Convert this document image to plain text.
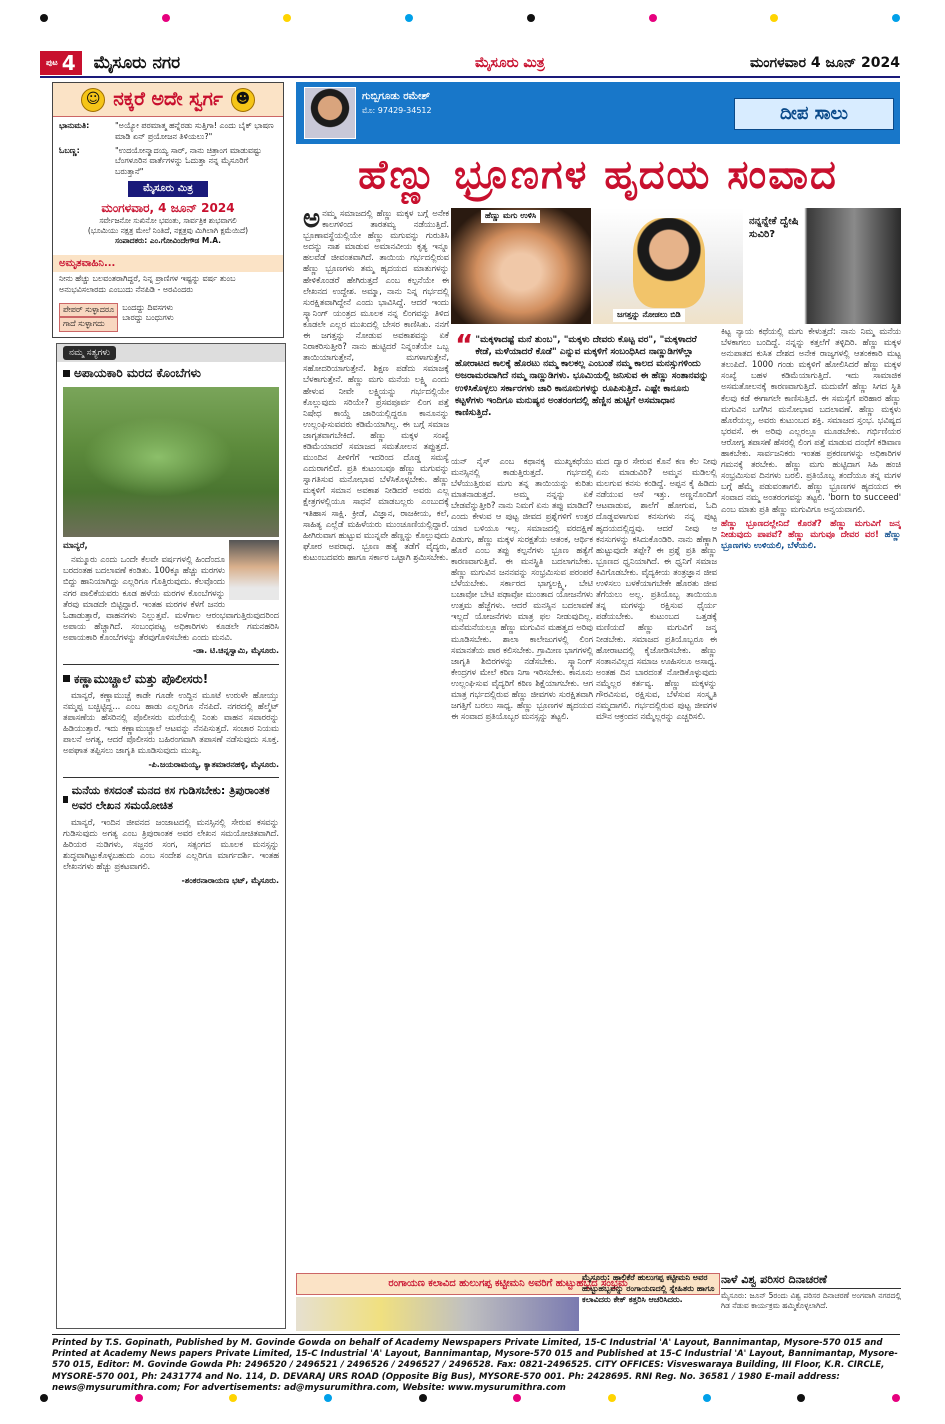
ಪುಟ 4 ಮೈಸೂರು ನಗರ	ಮೈಸೂರು ಮಿತ್ರ	ಮಂಗಳವಾರ 4 ಜೂನ್ 2024
☺ ನಕ್ಕರೆ ಅದೇ ಸ್ವರ್ಗ ☻
ಭಾನುಮತಿ:	"ಅಯ್ಯೋ ಪರಮಾತ್ಮ ಹನ್ನೆರಡು ಸುತ್ತಿಗಾ! ಎಂದು ಬೈಕ್ ಭಾಷಣ ಮಾಡಿ ಏನ್ ಪ್ರಯೋಜನ ತಿಳಿಯಲು?"
ಓಬಣ್ಣ:	"ಉದಯೋನ್ಮಾದಯ್ಯ ಸಾರ್, ನಾನು ಚಿತ್ರಾಂಗ ಮಾಡುವಷ್ಟು ಬೆಂಗಳೂರಿನ ವಾರ್ತೆಗಳನ್ನು ಓದುತ್ತಾ ನನ್ನ ಮೈಸೂರಿಗೆ ಬರುತ್ತಾನೆ"
ಮೈಸೂರು ಮಿತ್ರ
ಮಂಗಳವಾರ, 4 ಜೂನ್ 2024
ಸರ್ವೇಜನೋ ಸುಖಿನೋ ಭವಂತು, ಸಾರ್ವತ್ರಿಕ ಶುಭವಾಗಲಿ
(ಭೂಮಿಯು ನಕ್ಷತ್ರ ಮೇಲೆ ನಿಂತಿದೆ, ನಕ್ಷತ್ರವು ಮಿಗಿಲಾಗಿ ಕ್ಷಮೆಯಿದೆ)
ಸಂಪಾದಕರು: ಎಂ.ಗೋವಿಂದೇಗೌಡ M.A.
ಅಮೃತವಾಹಿನಿ...
ನೀನು ಹೆಚ್ಚು ಬಲವಂತರಾಗಿದ್ದರೆ, ನಿನ್ನ ಪ್ರಾಣಿಗಳ ಇಷ್ಟನ್ನು ವರ್ಷ ತುಂಬ ಅನುಭವಿಸಲಾರದು ಎಂಬುದು ನೆನಪಿಡಿ - ಅರವಿಂದರು
ಪೇಪರ್ ಸುಳ್ಳಾದರೂ
ಗಾದೆ ಸುಳ್ಳಾಗದು
ಬಂದದ್ದು ದಿವಸಗಳು
ಬಾರದ್ದು ಬಂಧುಗಳು
ನಮ್ಮ ಸತ್ಯಗಳು
ಅಪಾಯಕಾರಿ ಮರದ ಕೊಂಬೆಗಳು

ಮಾನ್ಯರೆ,

ನಮ್ಮೂರು ಎಂದು ಒಂದೇ ಕೆಲವೇ ವರ್ಷಗಳಲ್ಲಿ ಹಿಂದೆಂದೂ ಬರದಂತಹ ಬದಲಾವಣೆ ಕಂಡಿತು. 100ಕ್ಕೂ ಹೆಚ್ಚು ಮರಗಳು ಬಿದ್ದು ಹಾನಿಯಾಗಿದ್ದು ಎಲ್ಲರಿಗೂ ಗೊತ್ತಿರುವುದು. ಕೆಲವೊಂದು ನಗರ ಪಾಲಿಕೆಯವರು ಕೂಡ ಹಳೆಯ ಮರಗಳ ಕೊಂಬೆಗಳನ್ನು ತೆರವು ಮಾಡದೇ ಬಿಟ್ಟಿದ್ದಾರೆ. ಇಂತಹ ಮರಗಳ ಕೆಳಗೆ ಜನರು ಓಡಾಡುತ್ತಾರೆ, ವಾಹನಗಳು ನಿಲ್ಲುತ್ತವೆ. ಮಳೆಗಾಲ ಆರಂಭವಾಗುತ್ತಿರುವುದರಿಂದ ಅಪಾಯ ಹೆಚ್ಚಾಗಿದೆ. ಸಂಬಂಧಪಟ್ಟ ಅಧಿಕಾರಿಗಳು ಕೂಡಲೇ ಗಮನಹರಿಸಿ ಅಪಾಯಕಾರಿ ಕೊಂಬೆಗಳನ್ನು ತೆರವುಗೊಳಿಸಬೇಕು ಎಂದು ಮನವಿ.

-ಡಾ. ಟಿ.ಚಿನ್ನಸ್ವಾಮಿ, ಮೈಸೂರು.
ಕಣ್ಣಾಮುಚ್ಚಾಲೆ ಮತ್ತು ಪೊಲೀಸರು!

ಮಾನ್ಯರೆ, ಕಣ್ಣಾಮುಚ್ಚೆ ಕಾಡೇ ಗೂಡೇ ಉದ್ದಿನ ಮೂಟೆ ಉರುಳೇ ಹೋಯ್ತು ನಮ್ಮಪ್ಪ ಬಚ್ಚಿಟ್ಟಿದ್ದ... ಎಂಬ ಹಾಡು ಎಲ್ಲರಿಗೂ ನೆನಪಿದೆ. ನಗರದಲ್ಲಿ ಹೆಲ್ಮೆಟ್ ತಪಾಸಣೆಯ ಹೆಸರಿನಲ್ಲಿ ಪೊಲೀಸರು ಮರೆಯಲ್ಲಿ ನಿಂತು ವಾಹನ ಸವಾರರನ್ನು ಹಿಡಿಯುತ್ತಾರೆ. ಇದು ಕಣ್ಣಾಮುಚ್ಚಾಲೆ ಆಟವನ್ನು ನೆನಪಿಸುತ್ತದೆ. ಸಂಚಾರ ನಿಯಮ ಪಾಲನೆ ಅಗತ್ಯ, ಆದರೆ ಪೊಲೀಸರು ಬಹಿರಂಗವಾಗಿ ತಪಾಸಣೆ ನಡೆಸುವುದು ಸೂಕ್ತ. ಅಪಘಾತ ತಪ್ಪಿಸಲು ಜಾಗೃತಿ ಮೂಡಿಸುವುದು ಮುಖ್ಯ.

-ಪಿ.ಜಯರಾಮಯ್ಯ, ಕ್ಯಾತಮಾರನಹಳ್ಳಿ, ಮೈಸೂರು.
ಮನೆಯ ಕಸದಂತೆ ಮನದ ಕಸ ಗುಡಿಸಬೇಕು: ತ್ರಿಪುರಾಂತಕ ಅವರ ಲೇಖನ ಸಮಯೋಚಿತ

ಮಾನ್ಯರೆ, ಇಂದಿನ ಜೀವನದ ಜಂಜಾಟದಲ್ಲಿ ಮನಸ್ಸಿನಲ್ಲಿ ಸೇರುವ ಕಸವನ್ನು ಗುಡಿಸುವುದು ಅಗತ್ಯ ಎಂಬ ತ್ರಿಪುರಾಂತಕ ಅವರ ಲೇಖನ ಸಮಯೋಚಿತವಾಗಿದೆ. ಹಿರಿಯರ ನುಡಿಗಳು, ಸಜ್ಜನರ ಸಂಗ, ಸತ್ಸಂಗದ ಮೂಲಕ ಮನಸ್ಸನ್ನು ಶುದ್ಧವಾಗಿಟ್ಟುಕೊಳ್ಳಬಹುದು ಎಂಬ ಸಂದೇಶ ಎಲ್ಲರಿಗೂ ಮಾರ್ಗದರ್ಶಿ. ಇಂತಹ ಲೇಖನಗಳು ಹೆಚ್ಚು ಪ್ರಕಟವಾಗಲಿ.

-ಶಂಕರನಾರಾಯಣ ಭಟ್, ಮೈಸೂರು.
ಗುಬ್ಬಿಗೂಡು ರಮೇಶ್
ಮೊ: 97429-34512	ದೀಪ ಸಾಲು
ಹೆಣ್ಣು ಭ್ರೂಣಗಳ ಹೃದಯ ಸಂವಾದ
ಅ ನಮ್ಮ ಸಮಾಜದಲ್ಲಿ ಹೆಣ್ಣು ಮಕ್ಕಳ ಬಗ್ಗೆ ಅನೇಕ ಕಾಲಗಳಿಂದ ತಾರತಮ್ಯ ನಡೆಯುತ್ತಿದೆ. ಭ್ರೂಣಾವಸ್ಥೆಯಲ್ಲಿಯೇ ಹೆಣ್ಣು ಮಗುವನ್ನು ಗುರುತಿಸಿ ಅದನ್ನು ನಾಶ ಮಾಡುವ ಅಮಾನವೀಯ ಕೃತ್ಯ ಇನ್ನೂ ಹಲವೆಡೆ ಜೀವಂತವಾಗಿದೆ. ತಾಯಿಯ ಗರ್ಭದಲ್ಲಿರುವ ಹೆಣ್ಣು ಭ್ರೂಣಗಳು ತಮ್ಮ ಹೃದಯದ ಮಾತುಗಳನ್ನು ಹೇಳಿಕೊಂಡರೆ ಹೇಗಿರುತ್ತದೆ ಎಂಬ ಕಲ್ಪನೆಯೇ ಈ ಲೇಖನದ ಉದ್ದೇಶ. ಅಮ್ಮಾ, ನಾನು ನಿನ್ನ ಗರ್ಭದಲ್ಲಿ ಸುರಕ್ಷಿತವಾಗಿದ್ದೇನೆ ಎಂದು ಭಾವಿಸಿದ್ದೆ. ಆದರೆ ಇಂದು ಸ್ಕ್ಯಾನಿಂಗ್ ಯಂತ್ರದ ಮೂಲಕ ನನ್ನ ಲಿಂಗವನ್ನು ತಿಳಿದ ಕೂಡಲೇ ಎಲ್ಲರ ಮುಖದಲ್ಲಿ ಬೇಸರ ಕಾಣಿಸಿತು. ನನಗೆ ಈ ಜಗತ್ತನ್ನು ನೋಡುವ ಅವಕಾಶವನ್ನು ಏಕೆ ನಿರಾಕರಿಸುತ್ತೀರಿ? ನಾನು ಹುಟ್ಟಿದರೆ ನಿನ್ನಂತೆಯೇ ಒಬ್ಬ ತಾಯಿಯಾಗುತ್ತೇನೆ, ಮಗಳಾಗುತ್ತೇನೆ, ಸಹೋದರಿಯಾಗುತ್ತೇನೆ. ಶಿಕ್ಷಣ ಪಡೆದು ಸಮಾಜಕ್ಕೆ ಬೆಳಕಾಗುತ್ತೇನೆ. ಹೆಣ್ಣು ಮಗು ಮನೆಯ ಲಕ್ಷ್ಮಿ ಎಂದು ಹೇಳುವ ನೀವೇ ಲಕ್ಷ್ಮಿಯನ್ನು ಗರ್ಭದಲ್ಲಿಯೇ ಕೊಲ್ಲುವುದು ಸರಿಯೇ? ಪ್ರಸವಪೂರ್ವ ಲಿಂಗ ಪತ್ತೆ ನಿಷೇಧ ಕಾಯ್ದೆ ಜಾರಿಯಲ್ಲಿದ್ದರೂ ಕಾನೂನನ್ನು ಉಲ್ಲಂಘಿಸುವವರು ಕಡಿಮೆಯಾಗಿಲ್ಲ. ಈ ಬಗ್ಗೆ ಸಮಾಜ ಜಾಗೃತವಾಗಬೇಕಿದೆ. ಹೆಣ್ಣು ಮಕ್ಕಳ ಸಂಖ್ಯೆ ಕಡಿಮೆಯಾದರೆ ಸಮಾಜದ ಸಮತೋಲನ ತಪ್ಪುತ್ತದೆ. ಮುಂದಿನ ಪೀಳಿಗೆಗೆ ಇದರಿಂದ ದೊಡ್ಡ ಸಮಸ್ಯೆ ಎದುರಾಗಲಿದೆ. ಪ್ರತಿ ಕುಟುಂಬವೂ ಹೆಣ್ಣು ಮಗುವನ್ನು ಸ್ವಾಗತಿಸುವ ಮನೋಭಾವ ಬೆಳೆಸಿಕೊಳ್ಳಬೇಕು. ಹೆಣ್ಣು ಮಕ್ಕಳಿಗೆ ಸಮಾನ ಅವಕಾಶ ನೀಡಿದರೆ ಅವರು ಎಲ್ಲ ಕ್ಷೇತ್ರಗಳಲ್ಲಿಯೂ ಸಾಧನೆ ಮಾಡಬಲ್ಲರು ಎಂಬುದಕ್ಕೆ ಇತಿಹಾಸ ಸಾಕ್ಷಿ. ಕ್ರೀಡೆ, ವಿಜ್ಞಾನ, ರಾಜಕೀಯ, ಕಲೆ, ಸಾಹಿತ್ಯ ಎಲ್ಲೆಡೆ ಮಹಿಳೆಯರು ಮುಂಚೂಣಿಯಲ್ಲಿದ್ದಾರೆ. ಹೀಗಿರುವಾಗ ಹುಟ್ಟುವ ಮುನ್ನವೇ ಹೆಣ್ಣನ್ನು ಕೊಲ್ಲುವುದು ಘೋರ ಅಪರಾಧ. ಭ್ರೂಣ ಹತ್ಯೆ ತಡೆಗೆ ವೈದ್ಯರು, ಕುಟುಂಬದವರು ಹಾಗೂ ಸರ್ಕಾರ ಒಟ್ಟಾಗಿ ಶ್ರಮಿಸಬೇಕು.
ಹೆಣ್ಣು ಮಗು ಉಳಿಸಿ
ಜಗತ್ತನ್ನು ನೋಡಲು ಬಿಡಿ
ನನ್ನನ್ನೇಕೆ ದ್ವೇಷಿ ಸುವಿರಿ?
“ "ಮಕ್ಕಳಾದಷ್ಟೆ ಮನೆ ತುಂಬ", "ಮಕ್ಕಳು ದೇವರು ಕೊಟ್ಟ ವರ", "ಮಕ್ಕಳಾದರೆ ಕೇಡೆ, ಮಳೆಯಾದರೆ ಕೊಡೆ" ಎನ್ನುವ ಮಕ್ಕಳಿಗೆ ಸಂಬಂಧಿಸಿದ ನಾಣ್ಣುಡಿಗಳೆಲ್ಲಾ ಹೋರಾಟದ ಕಾಲಕ್ಕೆ ಹೊರಟು ನಮ್ಮ ಕಾಲಕಲ್ಲ ಎಂಬಂತೆ ನಮ್ಮ ಕಾಲದ ಮನಸ್ಸುಗಳಿಂದು ಅಜರಾಮರವಾಗಿದೆ ನಮ್ಮ ನಾಣ್ಣುಡಿಗಳು. ಭೂಮಿಯಲ್ಲಿ ಜನಿಸುವ ಈ ಹೆಣ್ಣು ಸಂತಾನವನ್ನು ಉಳಿಸಿಕೊಳ್ಳಲು ಸರ್ಕಾರಗಳು ಜಾರಿ ಕಾನೂನುಗಳನ್ನು ರೂಪಿಸುತ್ತಿದೆ. ಎಷ್ಟೇ ಕಾನೂನು ಕಟ್ಟಳೆಗಳು ಇಂದಿಗೂ ಮನುಷ್ಯನ ಅಂತರಂಗದಲ್ಲಿ ಹೆಣ್ಣಿನ ಹುಟ್ಟಿಗೆ ಅಸಮಾಧಾನ ಕಾಣಿಸುತ್ತಿದೆ.
ಯನ್ ನೈಸ್ ಎಂಬ ಕಥಾನಕ್ಕ ಮುಖ್ಯಕಥೆಯು ಮನಸ್ಸಿನಲ್ಲಿ ಕಾಡುತ್ತಿರುತ್ತದೆ. ಗರ್ಭದಲ್ಲಿ ಬೆಳೆಯುತ್ತಿರುವ ಮಗು ತನ್ನ ತಾಯಿಯನ್ನು ಕುರಿತು ಮಾತನಾಡುತ್ತದೆ. ಅಮ್ಮ ನನ್ನನ್ನು ಏಕೆ ಬೇಡವೆನ್ನುತ್ತೀರಿ? ನಾನು ನಿಮಗೆ ಏನು ತಪ್ಪು ಮಾಡಿದೆ? ಎಂದು ಕೇಳುವ ಆ ಪುಟ್ಟ ಜೀವದ ಪ್ರಶ್ನೆಗಳಿಗೆ ಉತ್ತರ ಯಾರ ಬಳಿಯೂ ಇಲ್ಲ. ಸಮಾಜದಲ್ಲಿ ವರದಕ್ಷಿಣೆ ಪಿಡುಗು, ಹೆಣ್ಣು ಮಕ್ಕಳ ಸುರಕ್ಷತೆಯ ಆತಂಕ, ಆರ್ಥಿಕ ಹೊರೆ ಎಂಬ ತಪ್ಪು ಕಲ್ಪನೆಗಳು ಭ್ರೂಣ ಹತ್ಯೆಗೆ ಕಾರಣವಾಗುತ್ತಿವೆ. ಈ ಮನಸ್ಥಿತಿ ಬದಲಾಗಬೇಕು. ಹೆಣ್ಣು ಮಗುವಿನ ಜನನವನ್ನು ಸಂಭ್ರಮಿಸುವ ಪರಂಪರೆ ಬೆಳೆಯಬೇಕು. ಸರ್ಕಾರದ ಭಾಗ್ಯಲಕ್ಷ್ಮಿ, ಬೇಟಿ ಬಚಾವೋ ಬೇಟಿ ಪಢಾವೋ ಮುಂತಾದ ಯೋಜನೆಗಳು ಉತ್ತಮ ಹೆಜ್ಜೆಗಳು. ಆದರೆ ಮನಸ್ಸಿನ ಬದಲಾವಣೆ ಇಲ್ಲದೆ ಯೋಜನೆಗಳು ಮಾತ್ರ ಫಲ ನೀಡುವುದಿಲ್ಲ. ಮನೆಮನೆಯಲ್ಲೂ ಹೆಣ್ಣು ಮಗುವಿನ ಮಹತ್ವದ ಅರಿವು ಮೂಡಿಸಬೇಕು. ಶಾಲಾ ಕಾಲೇಜುಗಳಲ್ಲಿ ಲಿಂಗ ಸಮಾನತೆಯ ಪಾಠ ಕಲಿಸಬೇಕು. ಗ್ರಾಮೀಣ ಭಾಗಗಳಲ್ಲಿ ಜಾಗೃತಿ ಶಿಬಿರಗಳನ್ನು ನಡೆಸಬೇಕು. ಸ್ಕ್ಯಾನಿಂಗ್ ಕೇಂದ್ರಗಳ ಮೇಲೆ ಕಠಿಣ ನಿಗಾ ಇರಿಸಬೇಕು. ಕಾನೂನು ಉಲ್ಲಂಘಿಸುವ ವೈದ್ಯರಿಗೆ ಕಠಿಣ ಶಿಕ್ಷೆಯಾಗಬೇಕು. ಆಗ ಮಾತ್ರ ಗರ್ಭದಲ್ಲಿರುವ ಹೆಣ್ಣು ಜೀವಗಳು ಸುರಕ್ಷಿತವಾಗಿ ಜಗತ್ತಿಗೆ ಬರಲು ಸಾಧ್ಯ. ಹೆಣ್ಣು ಭ್ರೂಣಗಳ ಹೃದಯದ ಈ ಸಂವಾದ ಪ್ರತಿಯೊಬ್ಬರ ಮನಸ್ಸನ್ನು ತಟ್ಟಲಿ.
ಮದ ದ್ವಾರ ಸೇರುವ ಕೊನೆ ಕಣ ಕೆಲ ನೀವು ಏನು ಮಾಡುವಿರಿ? ಅಮ್ಮನ ಮಡಿಲಲ್ಲಿ ಮಲಗುವ ಕನಸು ಕಂಡಿದ್ದೆ. ಅಪ್ಪನ ಕೈ ಹಿಡಿದು ನಡೆಯುವ ಆಸೆ ಇತ್ತು. ಅಣ್ಣನೊಂದಿಗೆ ಆಟವಾಡುವ, ಶಾಲೆಗೆ ಹೋಗುವ, ಓದಿ ದೊಡ್ಡವಳಾಗುವ ಕನಸುಗಳು ನನ್ನ ಪುಟ್ಟ ಹೃದಯದಲ್ಲಿದ್ದವು. ಆದರೆ ನೀವು ಆ ಕನಸುಗಳನ್ನು ಕಸಿದುಕೊಂಡಿರಿ. ನಾನು ಹೆಣ್ಣಾಗಿ ಹುಟ್ಟುವುದೇ ತಪ್ಪೇ? ಈ ಪ್ರಶ್ನೆ ಪ್ರತಿ ಹೆಣ್ಣು ಭ್ರೂಣದ ಧ್ವನಿಯಾಗಿದೆ. ಈ ಧ್ವನಿಗೆ ಸಮಾಜ ಕಿವಿಗೊಡಬೇಕು. ವೈದ್ಯಕೀಯ ತಂತ್ರಜ್ಞಾನ ಜೀವ ಉಳಿಸಲು ಬಳಕೆಯಾಗಬೇಕೇ ಹೊರತು ಜೀವ ತೆಗೆಯಲು ಅಲ್ಲ. ಪ್ರತಿಯೊಬ್ಬ ತಾಯಿಯೂ ತನ್ನ ಮಗಳನ್ನು ರಕ್ಷಿಸುವ ಧೈರ್ಯ ಪಡೆಯಬೇಕು. ಕುಟುಂಬದ ಒತ್ತಡಕ್ಕೆ ಮಣಿಯದೆ ಹೆಣ್ಣು ಮಗುವಿಗೆ ಜನ್ಮ ನೀಡಬೇಕು. ಸಮಾಜದ ಪ್ರತಿಯೊಬ್ಬರೂ ಈ ಹೋರಾಟದಲ್ಲಿ ಕೈಜೋಡಿಸಬೇಕು. ಹೆಣ್ಣು ಸಂತಾನವಿಲ್ಲದ ಸಮಾಜ ಊಹಿಸಲೂ ಅಸಾಧ್ಯ. ಅಂತಹ ದಿನ ಬಾರದಂತೆ ನೋಡಿಕೊಳ್ಳುವುದು ನಮ್ಮೆಲ್ಲರ ಕರ್ತವ್ಯ. ಹೆಣ್ಣು ಮಕ್ಕಳನ್ನು ಗೌರವಿಸುವ, ರಕ್ಷಿಸುವ, ಬೆಳೆಸುವ ಸಂಸ್ಕೃತಿ ನಮ್ಮದಾಗಲಿ. ಗರ್ಭದಲ್ಲಿರುವ ಪುಟ್ಟ ಜೀವಗಳ ಮೌನ ಆಕ್ರಂದನ ನಮ್ಮೆಲ್ಲರನ್ನು ಎಚ್ಚರಿಸಲಿ.
ಕಿಟ್ಟ ನ್ಯಾಯ ಕಥೆಯಲ್ಲಿ ಮಗು ಕೇಳುತ್ತದೆ: ನಾನು ನಿಮ್ಮ ಮನೆಯ ಬೆಳಕಾಗಲು ಬಂದಿದ್ದೆ. ನನ್ನನ್ನು ಕತ್ತಲೆಗೆ ತಳ್ಳಿದಿರಿ. ಹೆಣ್ಣು ಮಕ್ಕಳ ಅನುಪಾತದ ಕುಸಿತ ದೇಶದ ಅನೇಕ ರಾಜ್ಯಗಳಲ್ಲಿ ಆತಂಕಕಾರಿ ಮಟ್ಟ ತಲುಪಿದೆ. 1000 ಗಂಡು ಮಕ್ಕಳಿಗೆ ಹೋಲಿಸಿದರೆ ಹೆಣ್ಣು ಮಕ್ಕಳ ಸಂಖ್ಯೆ ಬಹಳ ಕಡಿಮೆಯಾಗುತ್ತಿದೆ. ಇದು ಸಾಮಾಜಿಕ ಅಸಮತೋಲನಕ್ಕೆ ಕಾರಣವಾಗುತ್ತಿದೆ. ಮದುವೆಗೆ ಹೆಣ್ಣು ಸಿಗದ ಸ್ಥಿತಿ ಕೆಲವು ಕಡೆ ಈಗಾಗಲೇ ಕಾಣಿಸುತ್ತಿದೆ. ಈ ಸಮಸ್ಯೆಗೆ ಪರಿಹಾರ ಹೆಣ್ಣು ಮಗುವಿನ ಬಗೆಗಿನ ಮನೋಭಾವ ಬದಲಾವಣೆ. ಹೆಣ್ಣು ಮಕ್ಕಳು ಹೊರೆಯಲ್ಲ, ಅವರು ಕುಟುಂಬದ ಶಕ್ತಿ. ಸಮಾಜದ ಸ್ತಂಭ. ಭವಿಷ್ಯದ ಭರವಸೆ. ಈ ಅರಿವು ಎಲ್ಲರಲ್ಲೂ ಮೂಡಬೇಕು. ಗರ್ಭಿಣಿಯರ ಆರೋಗ್ಯ ತಪಾಸಣೆ ಹೆಸರಲ್ಲಿ ಲಿಂಗ ಪತ್ತೆ ಮಾಡುವ ದಂಧೆಗೆ ಕಡಿವಾಣ ಹಾಕಬೇಕು. ಸಾರ್ವಜನಿಕರು ಇಂತಹ ಪ್ರಕರಣಗಳನ್ನು ಅಧಿಕಾರಿಗಳ ಗಮನಕ್ಕೆ ತರಬೇಕು. ಹೆಣ್ಣು ಮಗು ಹುಟ್ಟಿದಾಗ ಸಿಹಿ ಹಂಚಿ ಸಂಭ್ರಮಿಸುವ ದಿನಗಳು ಬರಲಿ. ಪ್ರತಿಯೊಬ್ಬ ತಂದೆಯೂ ತನ್ನ ಮಗಳ ಬಗ್ಗೆ ಹೆಮ್ಮೆ ಪಡುವಂತಾಗಲಿ. ಹೆಣ್ಣು ಭ್ರೂಣಗಳ ಹೃದಯದ ಈ ಸಂವಾದ ನಮ್ಮ ಅಂತರಂಗವನ್ನು ತಟ್ಟಲಿ. 'born to succeed' ಎಂಬ ಮಾತು ಪ್ರತಿ ಹೆಣ್ಣು ಮಗುವಿಗೂ ಅನ್ವಯವಾಗಲಿ.
ಹೆಣ್ಣು ಭ್ರೂಣದಲ್ಲೇನಿದೆ ಕೊರತೆ? ಹೆಣ್ಣು ಮಗುವಿಗೆ ಜನ್ಮ ನೀಡುವುದು ಪಾಪವೆ? ಹೆಣ್ಣು ಮಗುವೂ ದೇವರ ವರ! ಹೆಣ್ಣು ಭ್ರೂಣಗಳು ಉಳಿಯಲಿ, ಬೆಳೆಯಲಿ.
ರಂಗಾಯಣ ಕಲಾವಿದ ಹುಲುಗಪ್ಪ ಕಟ್ಟೀಮನಿ ಅವರಿಗೆ ಹುಟ್ಟುಹಬ್ಬದ ಸಂಭ್ರಮ
ಮೈಸೂರು: ಹಾಲಿಕೆರೆ ಹುಲುಗಪ್ಪ ಕಟ್ಟೀಮನಿ ಅವರ ಹುಟ್ಟುಹಬ್ಬವನ್ನು ರಂಗಾಯಣದಲ್ಲಿ ಸ್ನೇಹಿತರು ಹಾಗೂ ಕಲಾವಿದರು ಕೇಕ್ ಕತ್ತರಿಸಿ ಆಚರಿಸಿದರು.
ನಾಳೆ ವಿಶ್ವ ಪರಿಸರ ದಿನಾಚರಣೆ
ಮೈಸೂರು: ಜೂನ್ 5ರಂದು ವಿಶ್ವ ಪರಿಸರ ದಿನಾಚರಣೆ ಅಂಗವಾಗಿ ನಗರದಲ್ಲಿ ಗಿಡ ನೆಡುವ ಕಾರ್ಯಕ್ರಮ ಹಮ್ಮಿಕೊಳ್ಳಲಾಗಿದೆ.
Printed by T.S. Gopinath, Published by M. Govinde Gowda on behalf of Academy Newspapers Private Limited, 15-C Industrial 'A' Layout, Bannimantap, Mysore-570 015 and Printed at Academy News papers Private Limited, 15-C Industrial 'A' Layout, Bannimantap, Mysore-570 015 and Published at 15-C Industrial 'A' Layout, Bannimantap, Mysore-570 015, Editor: M. Govinde Gowda Ph: 2496520 / 2496521 / 2496526 / 2496527 / 2496528. Fax: 0821-2496525. CITY OFFICES: Visveswaraya Building, III Floor, K.R. CIRCLE, MYSORE-570 001, Ph: 2431774 and No. 114, D. DEVARAJ URS ROAD (Opposite Big Bus), MYSORE-570 001. Ph: 2428695. RNI Reg. No. 36581 / 1980 E-mail address: news@mysurumithra.com; For advertisements: ad@mysurumithra.com, Website: www.mysurumithra.com
